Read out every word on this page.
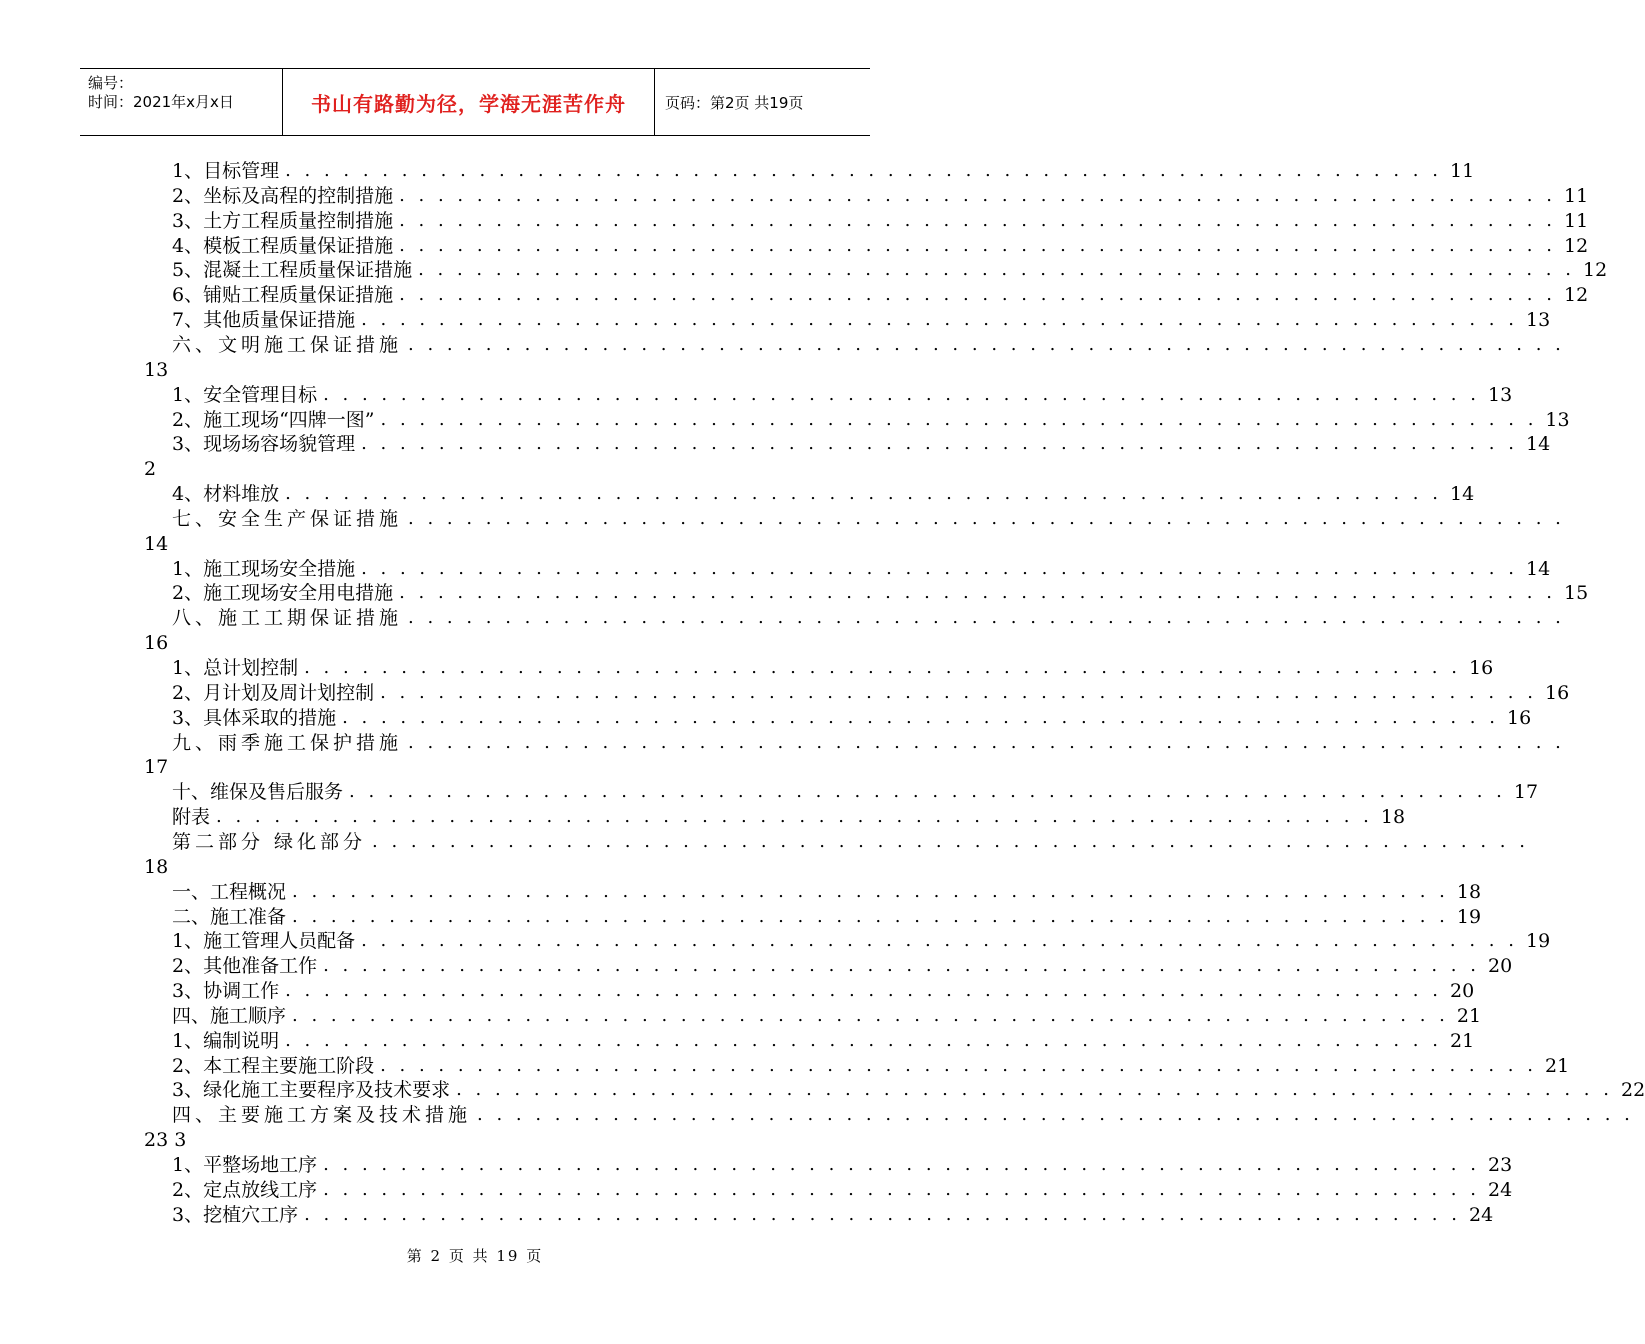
编号：
时间：2021年x月x日	书山有路勤为径，学海无涯苦作舟	页码：第2页 共19页
1、目标管理 . . . . . . . . . . . . . . . . . . . . . . . . . . . . . . . . . . . . . . . . . . . . . . . . . . . . . . . . . . . . 11
2、坐标及高程的控制措施 . . . . . . . . . . . . . . . . . . . . . . . . . . . . . . . . . . . . . . . . . . . . . . . . . . . . . . . . . . . . 11
3、土方工程质量控制措施 . . . . . . . . . . . . . . . . . . . . . . . . . . . . . . . . . . . . . . . . . . . . . . . . . . . . . . . . . . . . 11
4、模板工程质量保证措施 . . . . . . . . . . . . . . . . . . . . . . . . . . . . . . . . . . . . . . . . . . . . . . . . . . . . . . . . . . . . 12
5、混凝土工程质量保证措施 . . . . . . . . . . . . . . . . . . . . . . . . . . . . . . . . . . . . . . . . . . . . . . . . . . . . . . . . . . . . 12
6、铺贴工程质量保证措施 . . . . . . . . . . . . . . . . . . . . . . . . . . . . . . . . . . . . . . . . . . . . . . . . . . . . . . . . . . . . 12
7、其他质量保证措施 . . . . . . . . . . . . . . . . . . . . . . . . . . . . . . . . . . . . . . . . . . . . . . . . . . . . . . . . . . . . 13
六、文明施工保证措施 . . . . . . . . . . . . . . . . . . . . . . . . . . . . . . . . . . . . . . . . . . . . . . . . . . . . . . . . . . . .
13
1、安全管理目标 . . . . . . . . . . . . . . . . . . . . . . . . . . . . . . . . . . . . . . . . . . . . . . . . . . . . . . . . . . . . 13
2、施工现场“四牌一图” . . . . . . . . . . . . . . . . . . . . . . . . . . . . . . . . . . . . . . . . . . . . . . . . . . . . . . . . . . . . 13
3、现场场容场貌管理 . . . . . . . . . . . . . . . . . . . . . . . . . . . . . . . . . . . . . . . . . . . . . . . . . . . . . . . . . . . . 14
2
4、材料堆放 . . . . . . . . . . . . . . . . . . . . . . . . . . . . . . . . . . . . . . . . . . . . . . . . . . . . . . . . . . . . 14
七、安全生产保证措施 . . . . . . . . . . . . . . . . . . . . . . . . . . . . . . . . . . . . . . . . . . . . . . . . . . . . . . . . . . . .
14
1、施工现场安全措施 . . . . . . . . . . . . . . . . . . . . . . . . . . . . . . . . . . . . . . . . . . . . . . . . . . . . . . . . . . . . 14
2、施工现场安全用电措施 . . . . . . . . . . . . . . . . . . . . . . . . . . . . . . . . . . . . . . . . . . . . . . . . . . . . . . . . . . . . 15
八、施工工期保证措施 . . . . . . . . . . . . . . . . . . . . . . . . . . . . . . . . . . . . . . . . . . . . . . . . . . . . . . . . . . . .
16
1、总计划控制 . . . . . . . . . . . . . . . . . . . . . . . . . . . . . . . . . . . . . . . . . . . . . . . . . . . . . . . . . . . . 16
2、月计划及周计划控制 . . . . . . . . . . . . . . . . . . . . . . . . . . . . . . . . . . . . . . . . . . . . . . . . . . . . . . . . . . . . 16
3、具体采取的措施 . . . . . . . . . . . . . . . . . . . . . . . . . . . . . . . . . . . . . . . . . . . . . . . . . . . . . . . . . . . . 16
九、雨季施工保护措施 . . . . . . . . . . . . . . . . . . . . . . . . . . . . . . . . . . . . . . . . . . . . . . . . . . . . . . . . . . . .
17
十、维保及售后服务 . . . . . . . . . . . . . . . . . . . . . . . . . . . . . . . . . . . . . . . . . . . . . . . . . . . . . . . . . . . . 17
附表 . . . . . . . . . . . . . . . . . . . . . . . . . . . . . . . . . . . . . . . . . . . . . . . . . . . . . . . . . . . . 18
第二部分 绿化部分 . . . . . . . . . . . . . . . . . . . . . . . . . . . . . . . . . . . . . . . . . . . . . . . . . . . . . . . . . . . .
18
一、工程概况 . . . . . . . . . . . . . . . . . . . . . . . . . . . . . . . . . . . . . . . . . . . . . . . . . . . . . . . . . . . . 18
二、施工准备 . . . . . . . . . . . . . . . . . . . . . . . . . . . . . . . . . . . . . . . . . . . . . . . . . . . . . . . . . . . . 19
1、施工管理人员配备 . . . . . . . . . . . . . . . . . . . . . . . . . . . . . . . . . . . . . . . . . . . . . . . . . . . . . . . . . . . . 19
2、其他准备工作 . . . . . . . . . . . . . . . . . . . . . . . . . . . . . . . . . . . . . . . . . . . . . . . . . . . . . . . . . . . . 20
3、协调工作 . . . . . . . . . . . . . . . . . . . . . . . . . . . . . . . . . . . . . . . . . . . . . . . . . . . . . . . . . . . . 20
四、施工顺序 . . . . . . . . . . . . . . . . . . . . . . . . . . . . . . . . . . . . . . . . . . . . . . . . . . . . . . . . . . . . 21
1、编制说明 . . . . . . . . . . . . . . . . . . . . . . . . . . . . . . . . . . . . . . . . . . . . . . . . . . . . . . . . . . . . 21
2、本工程主要施工阶段 . . . . . . . . . . . . . . . . . . . . . . . . . . . . . . . . . . . . . . . . . . . . . . . . . . . . . . . . . . . . 21
3、绿化施工主要程序及技术要求 . . . . . . . . . . . . . . . . . . . . . . . . . . . . . . . . . . . . . . . . . . . . . . . . . . . . . . . . . . . . 22
四、主要施工方案及技术措施 . . . . . . . . . . . . . . . . . . . . . . . . . . . . . . . . . . . . . . . . . . . . . . . . . . . . . . . . . . . .
23 3
1、平整场地工序 . . . . . . . . . . . . . . . . . . . . . . . . . . . . . . . . . . . . . . . . . . . . . . . . . . . . . . . . . . . . 23
2、定点放线工序 . . . . . . . . . . . . . . . . . . . . . . . . . . . . . . . . . . . . . . . . . . . . . . . . . . . . . . . . . . . . 24
3、挖植穴工序 . . . . . . . . . . . . . . . . . . . . . . . . . . . . . . . . . . . . . . . . . . . . . . . . . . . . . . . . . . . . 24
第 2 页 共 19 页
